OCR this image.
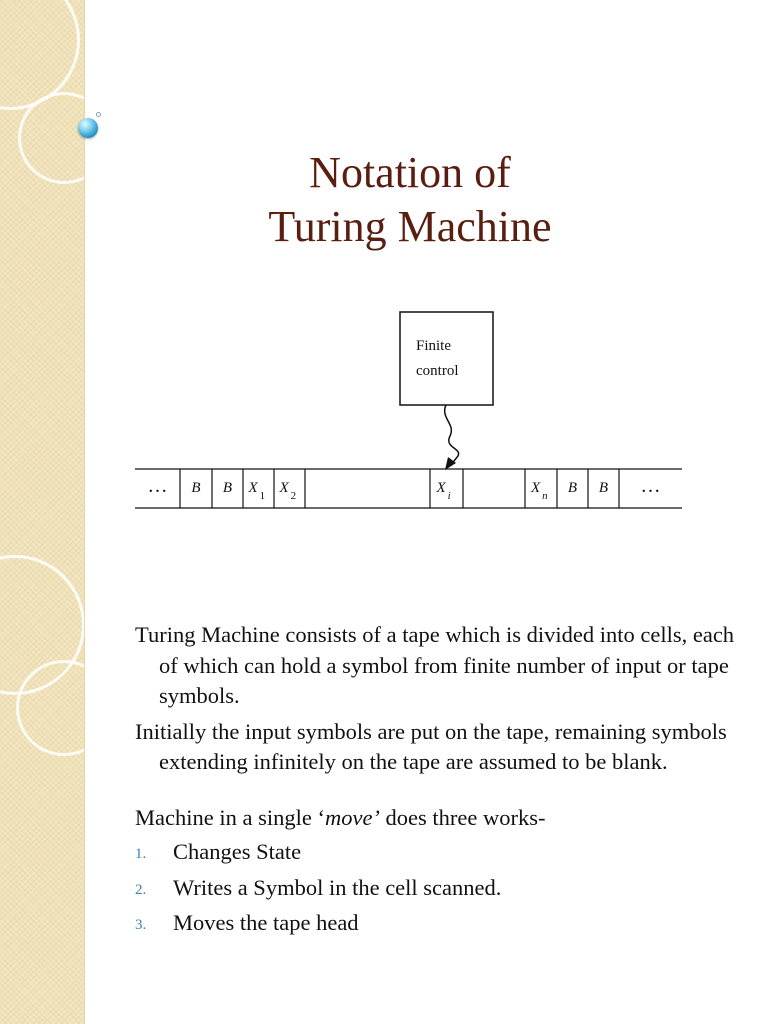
Notation of
Turing Machine
Finite
control
… B B X $_1$ X $_2$	X $_i$	X $_n$ B B …
Turing Machine consists of a tape which is divided into cells, each of which can hold a symbol from finite number of input or tape symbols.
Initially the input symbols are put on the tape, remaining symbols extending infinitely on the tape are assumed to be blank.
Machine in a single ‘move’ does three works-
1. Changes State
2. Writes a Symbol in the cell scanned.
3. Moves the tape head
